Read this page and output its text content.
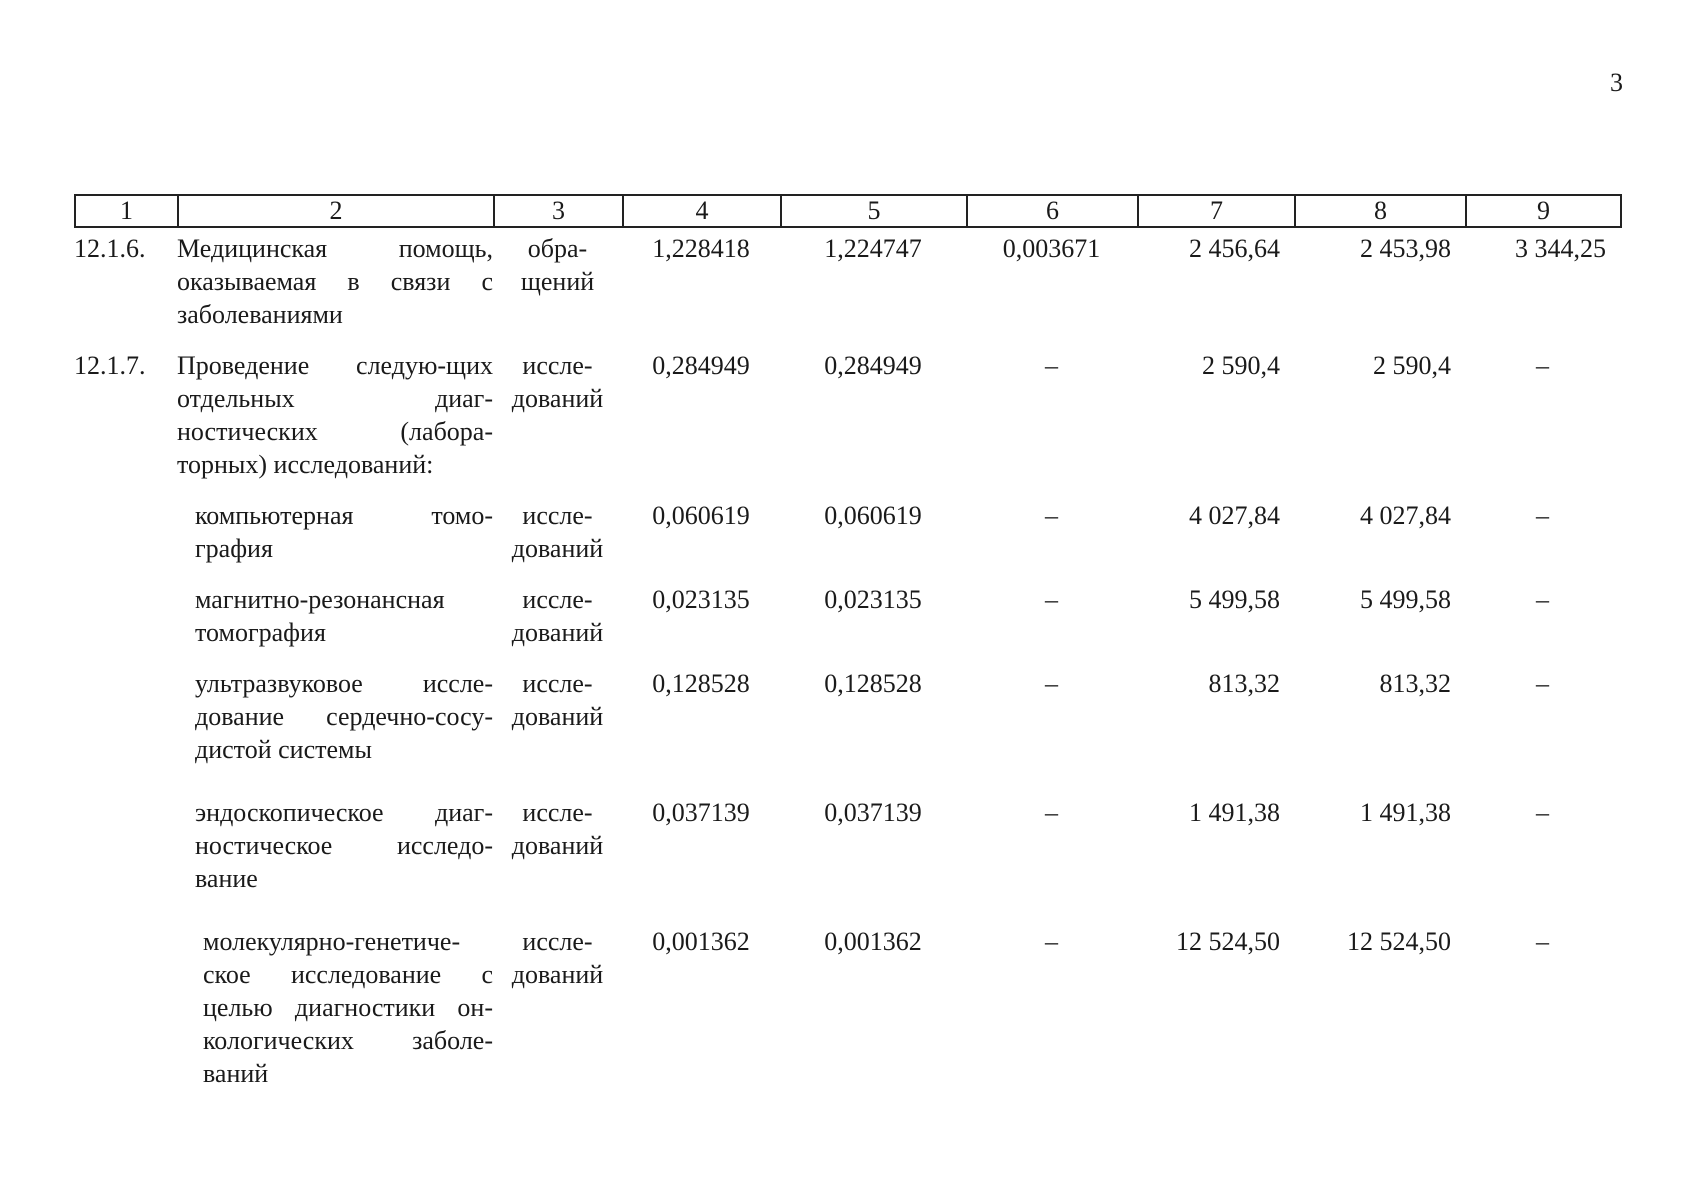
3
1	2	3	4	5	6	7	8	9
12.1.6.	Медицинская помощь, оказываемая в связи с заболеваниями	обра-щений	1,228418	1,224747	0,003671	2 456,64	2 453,98	3 344,25
12.1.7.	Проведение следую-щих отдельных диаг-ностических (лабора-торных) исследований:	иссле-дований	0,284949	0,284949	–	2 590,4	2 590,4	–
	компьютерная томо-графия	иссле-дований	0,060619	0,060619	–	4 027,84	4 027,84	–
	магнитно-резонансная томография	иссле-дований	0,023135	0,023135	–	5 499,58	5 499,58	–
	ультразвуковое иссле-дование сердечно-сосу-дистой системы	иссле-дований	0,128528	0,128528	–	813,32	813,32	–
	эндоскопическое диаг-ностическое исследо-вание	иссле-дований	0,037139	0,037139	–	1 491,38	1 491,38	–
	молекулярно-генетиче-ское исследование с целью диагностики он-кологических заболе-ваний	иссле-дований	0,001362	0,001362	–	12 524,50	12 524,50	–
